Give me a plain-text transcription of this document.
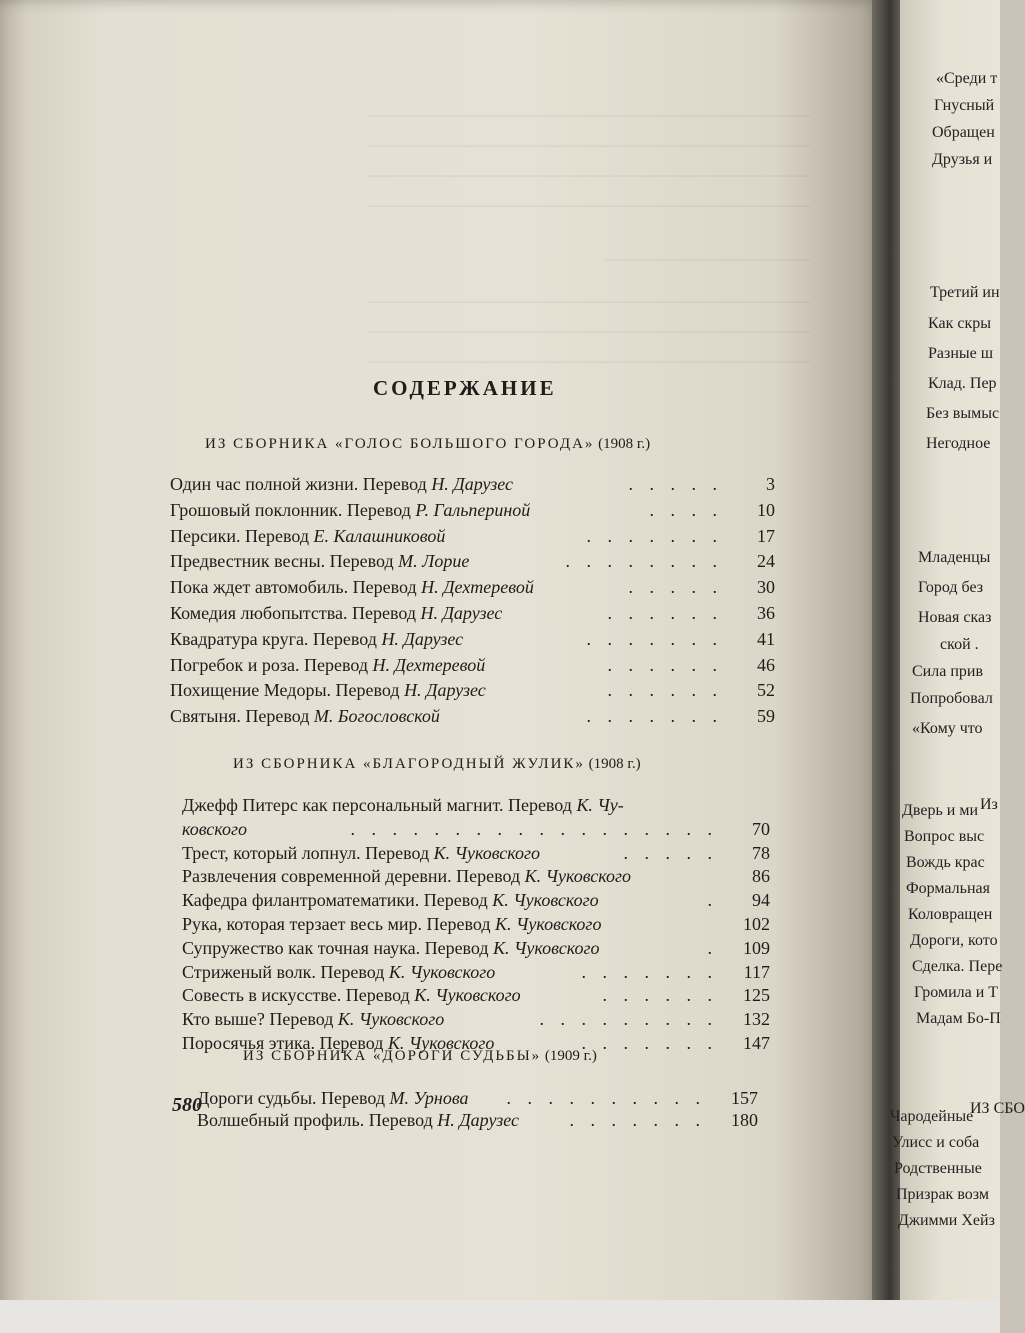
«Среди т
Гнусный
Обращен
Друзья и
Третий ин
Как скры
Разные ш
Клад. Пер
Без вымыс
Негодное
Младенцы
Город без
Новая сказ
ской .
Сила прив
Попробовал
«Кому что
Из
Дверь и ми
Вопрос выс
Вождь крас
Формальная
Коловращен
Дороги, кото
Сделка. Пере
Громила и Т
Мадам Бо-П
ИЗ СБО
Чародейные
Улисс и соба
Родственные
Призрак возм
Джимми Хейз
——————————————————————————
——————————————————————————
——————————————————————————
——————————————————————————
————————————
——————————————————————————
——————————————————————————
——————————————————————————
СОДЕРЖАНИЕ
ИЗ СБОРНИКА «ГОЛОС БОЛЬШОГО ГОРОДА» (1908 г.)
Один час полной жизни. Перевод Н. Дарузес	. . . . .	3
Грошовый поклонник. Перевод Р. Гальпериной	. . . .	10
Персики. Перевод Е. Калашниковой	. . . . . . .	17
Предвестник весны. Перевод М. Лорие	. . . . . . . .	24
Пока ждет автомобиль. Перевод Н. Дехтеревой	. . . . .	30
Комедия любопытства. Перевод Н. Дарузес	. . . . . .	36
Квадратура круга. Перевод Н. Дарузес	. . . . . . .	41
Погребок и роза. Перевод Н. Дехтеревой	. . . . . .	46
Похищение Медоры. Перевод Н. Дарузес	. . . . . .	52
Святыня. Перевод М. Богословской	. . . . . . .	59
ИЗ СБОРНИКА «БЛАГОРОДНЫЙ ЖУЛИК» (1908 г.)
Джефф Питерс как персональный магнит. Перевод К. Чу-
ковского	. . . . . . . . . . . . . . . . . .	70
Трест, который лопнул. Перевод К. Чуковского	. . . . .	78
Развлечения современной деревни. Перевод К. Чуковского	86
Кафедра филантроматематики. Перевод К. Чуковского	.	94
Рука, которая терзает весь мир. Перевод К. Чуковского	102
Супружество как точная наука. Перевод К. Чуковского	.	109
Стриженый волк. Перевод К. Чуковского	. . . . . . .	117
Совесть в искусстве. Перевод К. Чуковского	. . . . . .	125
Кто выше? Перевод К. Чуковского	. . . . . . . . .	132
Поросячья этика. Перевод К. Чуковского	. . . . . . .	147
ИЗ СБОРНИКА «ДОРОГИ СУДЬБЫ» (1909 г.)
Дороги судьбы. Перевод М. Урнова . . . . . . . . . .	157
Волшебный профиль. Перевод Н. Дарузес	. . . . . . .	180
580
